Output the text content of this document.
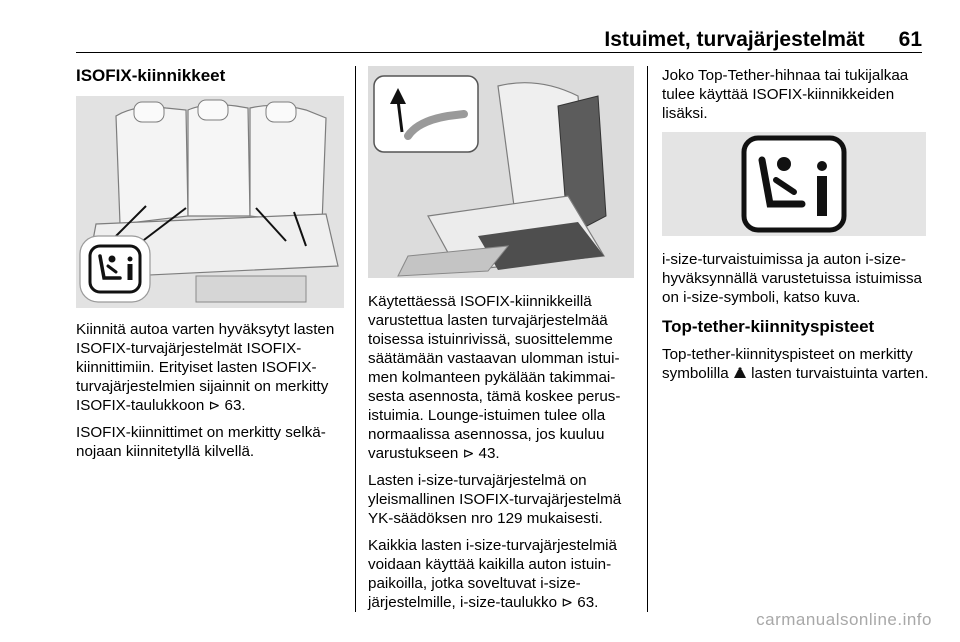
Istuimet, turvajärjestelmät 61
ISOFIX-kiinnikkeet

Kiinnitä autoa varten hyväksytyt lasten ISOFIX-turvajärjestelmät ISOFIX-kiinnittimiin. Erityiset lasten ISOFIX-turvajärjestelmien sijainnit on merkitty ISOFIX-taulukkoon ⊳ 63.

ISOFIX-kiinnittimet on merkitty selkänojaan kiinnitetyllä kilvellä.

Käytettäessä ISOFIX-kiinnikkeillä varustettua lasten turvajärjestelmää toisessa istuinrivissä, suosittelemme säätämään vastaavan ulomman istuimen kolmanteen pykälään takimmaisesta asennosta, tämä koskee perusistuimia. Lounge-istuimen tulee olla normaalissa asennossa, jos kuuluu varustukseen ⊳ 43.

Lasten i-size-turvajärjestelmä on yleismallinen ISOFIX-turvajärjestelmä YK-säädöksen nro 129 mukaisesti.

Kaikkia lasten i-size-turvajärjestelmiä voidaan käyttää kaikilla auton istuinpaikoilla, jotka soveltuvat i-size-järjestelmille, i-size-taulukko ⊳ 63.

Joko Top-Tether-hihnaa tai tukijalkaa tulee käyttää ISOFIX-kiinnikkeiden lisäksi.

i-size-turvaistuimissa ja auton i-size-hyväksynnällä varustetuissa istuimissa on i-size-symboli, katso kuva.

Top-tether-kiinnityspisteet

Top-tether-kiinnityspisteet on merkitty symbolilla  lasten turvaistuinta varten.

carmanualsonline.info
